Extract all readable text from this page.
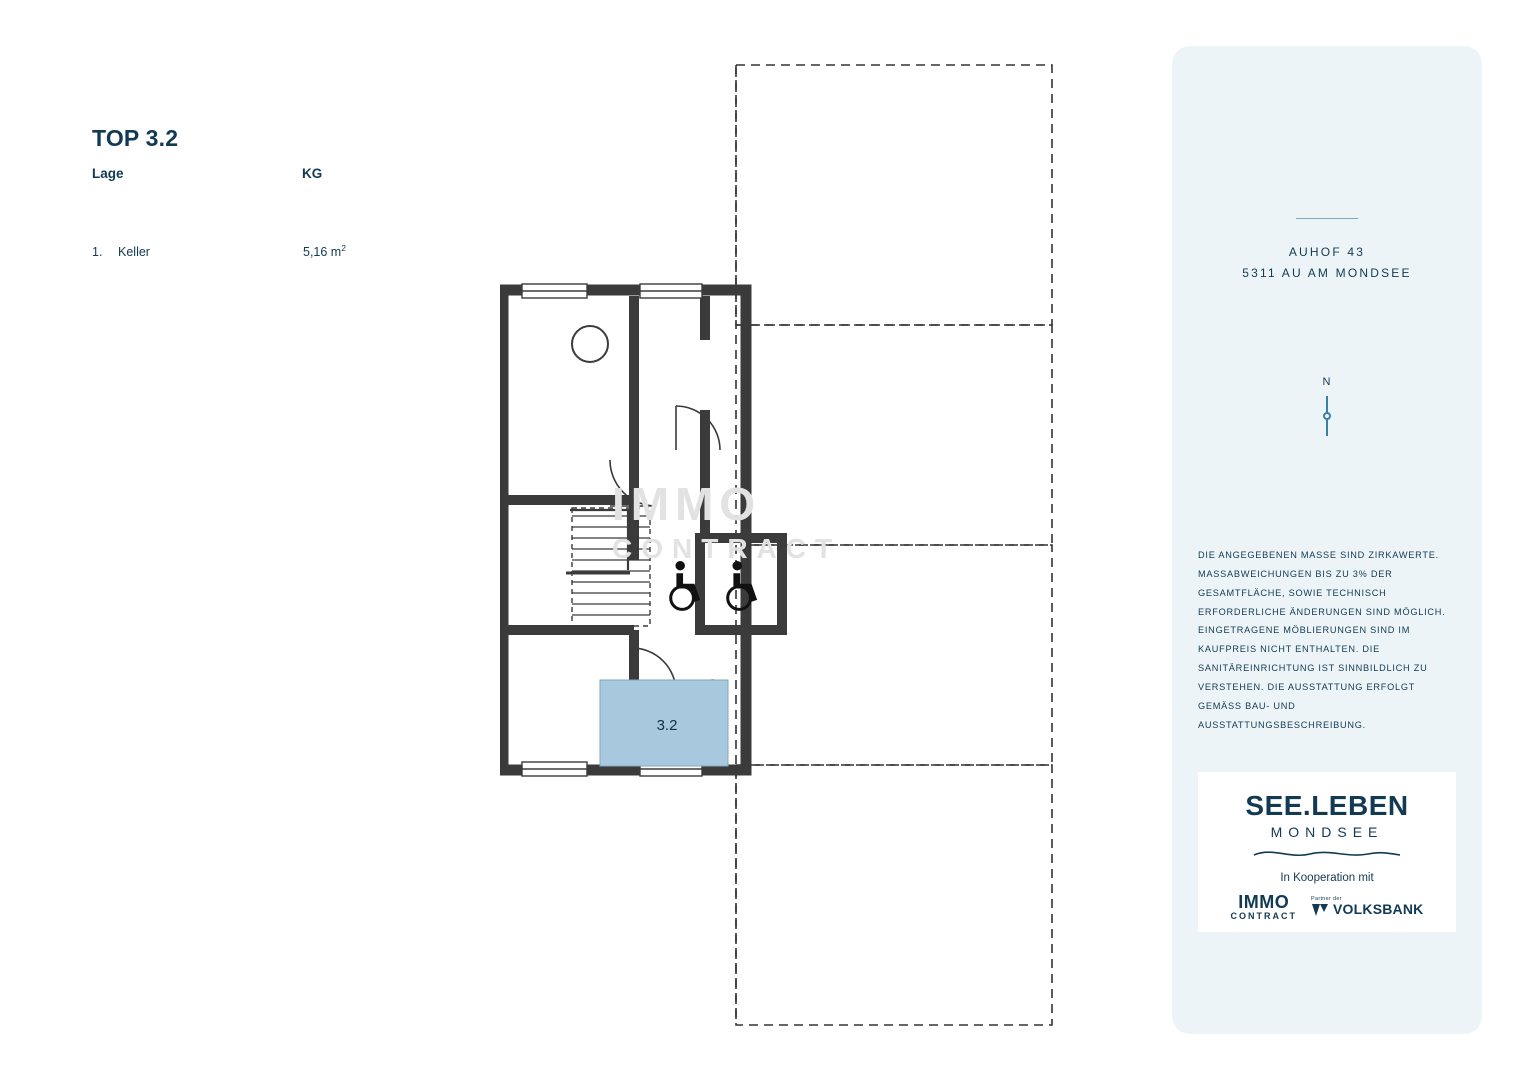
TOP 3.2
Lage	KG
1.	Keller	5,16 $m^2$
3.2
IMMO
CONTRACT
AUHOF 43
5311 AU AM MONDSEE
N
DIE ANGEGEBENEN MASSE SIND ZIRKAWERTE. MASSABWEICHUNGEN BIS ZU 3% DER GESAMTFLÄCHE, SOWIE TECHNISCH ERFORDERLICHE ÄNDERUNGEN SIND MÖGLICH. EINGETRAGENE MÖBLIERUNGEN SIND IM KAUFPREIS NICHT ENTHALTEN. DIE SANITÄREINRICHTUNG IST SINNBILDLICH ZU VERSTEHEN. DIE AUSSTATTUNG ERFOLGT GEMÄSS BAU- UND AUSSTATTUNGSBESCHREIBUNG.
SEE.LEBEN
MONDSEE
In Kooperation mit
IMMO
CONTRACT
Partner der
VOLKSBANK
